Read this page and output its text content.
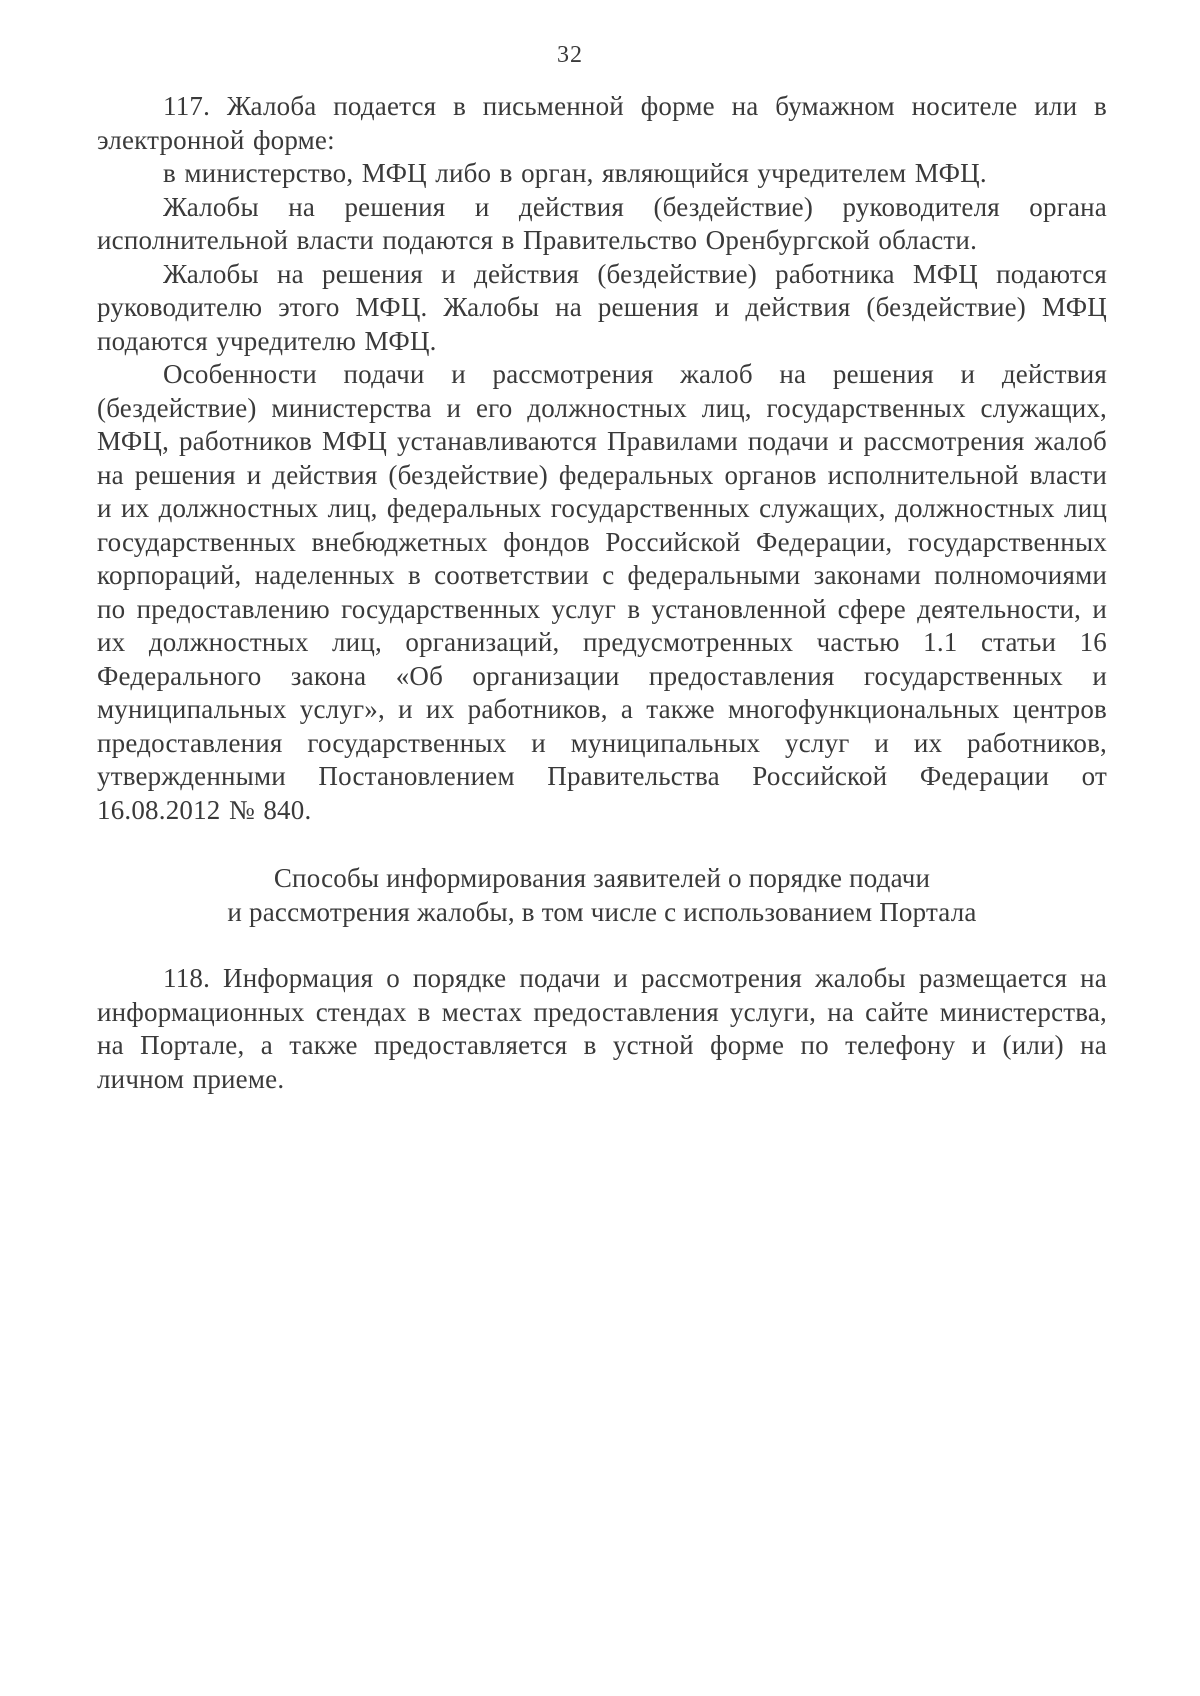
32

117. Жалоба подается в письменной форме на бумажном носителе или в электронной форме:

в министерство, МФЦ либо в орган, являющийся учредителем МФЦ.

Жалобы на решения и действия (бездействие) руководителя органа исполнительной власти подаются в Правительство Оренбургской области.

Жалобы на решения и действия (бездействие) работника МФЦ подаются руководителю этого МФЦ. Жалобы на решения и действия (бездействие) МФЦ подаются учредителю МФЦ.

Особенности подачи и рассмотрения жалоб на решения и действия (бездействие) министерства и его должностных лиц, государственных служащих, МФЦ, работников МФЦ устанавливаются Правилами подачи и рассмотрения жалоб на решения и действия (бездействие) федеральных органов исполнительной власти и их должностных лиц, федеральных государственных служащих, должностных лиц государственных внебюджетных фондов Российской Федерации, государственных корпораций, наделенных в соответствии с федеральными законами полномочиями по предоставлению государственных услуг в установленной сфере деятельности, и их должностных лиц, организаций, предусмотренных частью 1.1 статьи 16 Федерального закона «Об организации предоставления государственных и муниципальных услуг», и их работников, а также многофункциональных центров предоставления государственных и муниципальных услуг и их работников, утвержденными Постановлением Правительства Российской Федерации от 16.08.2012 № 840.

Способы информирования заявителей о порядке подачи
и рассмотрения жалобы, в том числе с использованием Портала

118. Информация о порядке подачи и рассмотрения жалобы размещается на информационных стендах в местах предоставления услуги, на сайте министерства, на Портале, а также предоставляется в устной форме по телефону и (или) на личном приеме.
